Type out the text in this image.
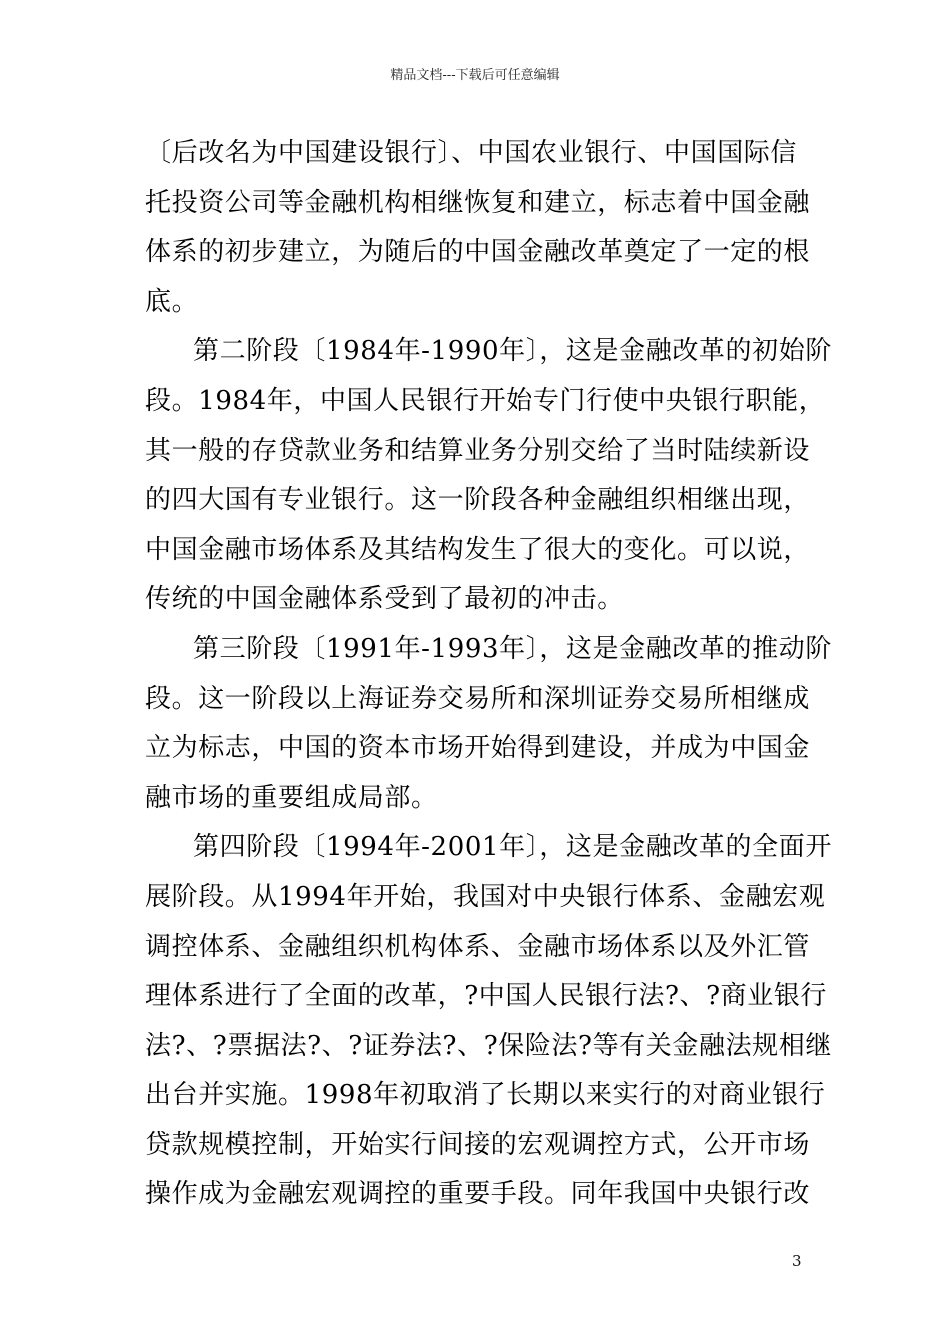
精品文档---下载后可任意编辑
〔后改名为中国建设银行〕、中国农业银行、中国国际信
托投资公司等金融机构相继恢复和建立，标志着中国金融
体系的初步建立，为随后的中国金融改革奠定了一定的根
底。
第二阶段〔1984年-1990年〕，这是金融改革的初始阶
段。1984年，中国人民银行开始专门行使中央银行职能，
其一般的存贷款业务和结算业务分别交给了当时陆续新设
的四大国有专业银行。这一阶段各种金融组织相继出现，
中国金融市场体系及其结构发生了很大的变化。可以说，
传统的中国金融体系受到了最初的冲击。
第三阶段〔1991年-1993年〕，这是金融改革的推动阶
段。这一阶段以上海证券交易所和深圳证券交易所相继成
立为标志，中国的资本市场开始得到建设，并成为中国金
融市场的重要组成局部。
第四阶段〔1994年-2001年〕，这是金融改革的全面开
展阶段。从1994年开始，我国对中央银行体系、金融宏观
调控体系、金融组织机构体系、金融市场体系以及外汇管
理体系进行了全面的改革，?中国人民银行法?、?商业银行
法?、?票据法?、?证券法?、?保险法?等有关金融法规相继
出台并实施。1998年初取消了长期以来实行的对商业银行
贷款规模控制，开始实行间接的宏观调控方式，公开市场
操作成为金融宏观调控的重要手段。同年我国中央银行改
3
